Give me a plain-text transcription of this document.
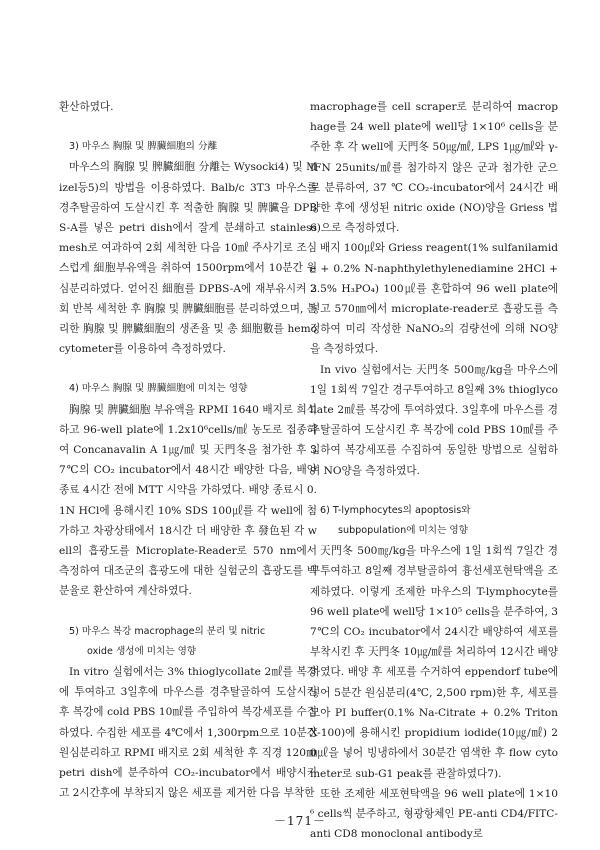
환산하였다.

3) 마우스 胸腺 및 脾臟細胞의 分離

마우스의 胸腺 및 脾臟細胞 分離는 Wysocki4) 및 Mizel등5)의 방법을 이용하였다. Balb/c 3T3 마우스를 경추탈골하여 도살시킨 후 적출한 胸腺 및 脾臟을 DPBS-A를 넣은 petri dish에서 잘게 분쇄하고 stainless mesh로 여과하여 2회 세척한 다음 10㎖ 주사기로 조심스럽게 細胞부유액을 취하여 1500rpm에서 10분간 원심분리하였다. 얻어진 細胞를 DPBS-A에 재부유시켜 3회 반복 세척한 후 胸腺 및 脾臟細胞를 분리하였으며, 분리한 胸腺 및 脾臟細胞의 생존율 및 총 細胞數를 hemocytometer를 이용하여 측정하였다.

4) 마우스 胸腺 및 脾臟細胞에 미치는 영향

胸腺 및 脾臟細胞 부유액을 RPMI 1640 배지로 희석하고 96-well plate에 1.2x10⁶cells/㎖ 농도로 접종하여 Concanavalin A 1㎍/㎖ 및 天門冬을 첨가한 후 37℃의 CO₂ incubator에서 48시간 배양한 다음, 배양 종료 4시간 전에 MTT 시약을 가하였다. 배양 종료시 0.1N HCl에 용해시킨 10% SDS 100㎕를 각 well에 첨가하고 차광상태에서 18시간 더 배양한 후 發色된 각 well의 흡광도를 Microplate-Reader로 570 nm에서 측정하여 대조군의 흡광도에 대한 실험군의 흡광도를 백분율로 환산하여 계산하였다.

5) 마우스 복강 macrophage의 분리 및 nitric

oxide 생성에 미치는 영향

In vitro 실험에서는 3% thioglycollate 2㎖를 복강에 투여하고 3일후에 마우스를 경추탈골하여 도살시킨 후 복강에 cold PBS 10㎖를 주입하여 복강세포를 수집하였다. 수집한 세포를 4℃에서 1,300rpm으로 10분간 원심분리하고 RPMI 배지로 2회 세척한 후 직경 120㎜ petri dish에 분주하여 CO₂-incubator에서 배양시키고 2시간후에 부착되지 않은 세포를 제거한 다음 부착한

macrophage를 cell scraper로 분리하여 macrophage를 24 well plate에 well당 1×10⁶ cells을 분주한 후 각 well에 天門冬 50㎍/㎖, LPS 1㎍/㎖와 γ-IFN 25units/㎖를 첨가하지 않은 군과 첨가한 군으로 분류하여, 37 ℃ CO₂-incubator에서 24시간 배양한 후에 생성된 nitric oxide (NO)양을 Griess 법6)으로 측정하였다.

배지 100㎕와 Griess reagent(1% sulfanilamide + 0.2% N-naphthylethylenediamine 2HCl + 2.5% H₃PO₄) 100㎕를 혼합하여 96 well plate에 넣고 570㎚에서 microplate-reader로 흡광도를 측정하여 미리 작성한 NaNO₂의 검량선에 의해 NO양을 측정하였다.

In vivo 실험에서는 天門冬 500㎎/kg을 마우스에 1일 1회씩 7일간 경구투여하고 8일째 3% thioglycollate 2㎖를 복강에 투여하였다. 3일후에 마우스를 경추탈골하여 도살시킨 후 복강에 cold PBS 10㎖를 주입하여 복강세포를 수집하여 동일한 방법으로 실험하여 NO양을 측정하였다.

6) T-lymphocytes의 apoptosis와

subpopulation에 미치는 영향

天門冬 500㎎/kg을 마우스에 1일 1회씩 7일간 경구투여하고 8일째 경부탈골하여 흉선세포현탁액을 조제하였다. 이렇게 조제한 마우스의 T-lymphocyte를 96 well plate에 well당 1×10⁵ cells을 분주하여, 37℃의 CO₂ incubator에서 24시간 배양하여 세포를 부착시킨 후 天門冬 10㎍/㎖를 처리하여 12시간 배양하였다. 배양 후 세포를 수거하여 eppendorf tube에 넣어 5분간 원심분리(4℃, 2,500 rpm)한 후, 세포를 모아 PI buffer(0.1% Na-Citrate + 0.2% Triton X-100)에 용해시킨 propidium iodide(10㎍/㎖) 20㎕을 넣어 빙냉하에서 30분간 염색한 후 flow cytometer로 sub-G1 peak를 관찰하였다7).

또한 조제한 세포현탁액을 96 well plate에 1×10⁶ cells씩 분주하고, 형광항체인 PE-anti CD4/FITC-anti CD8 monoclonal antibody로

－171－
